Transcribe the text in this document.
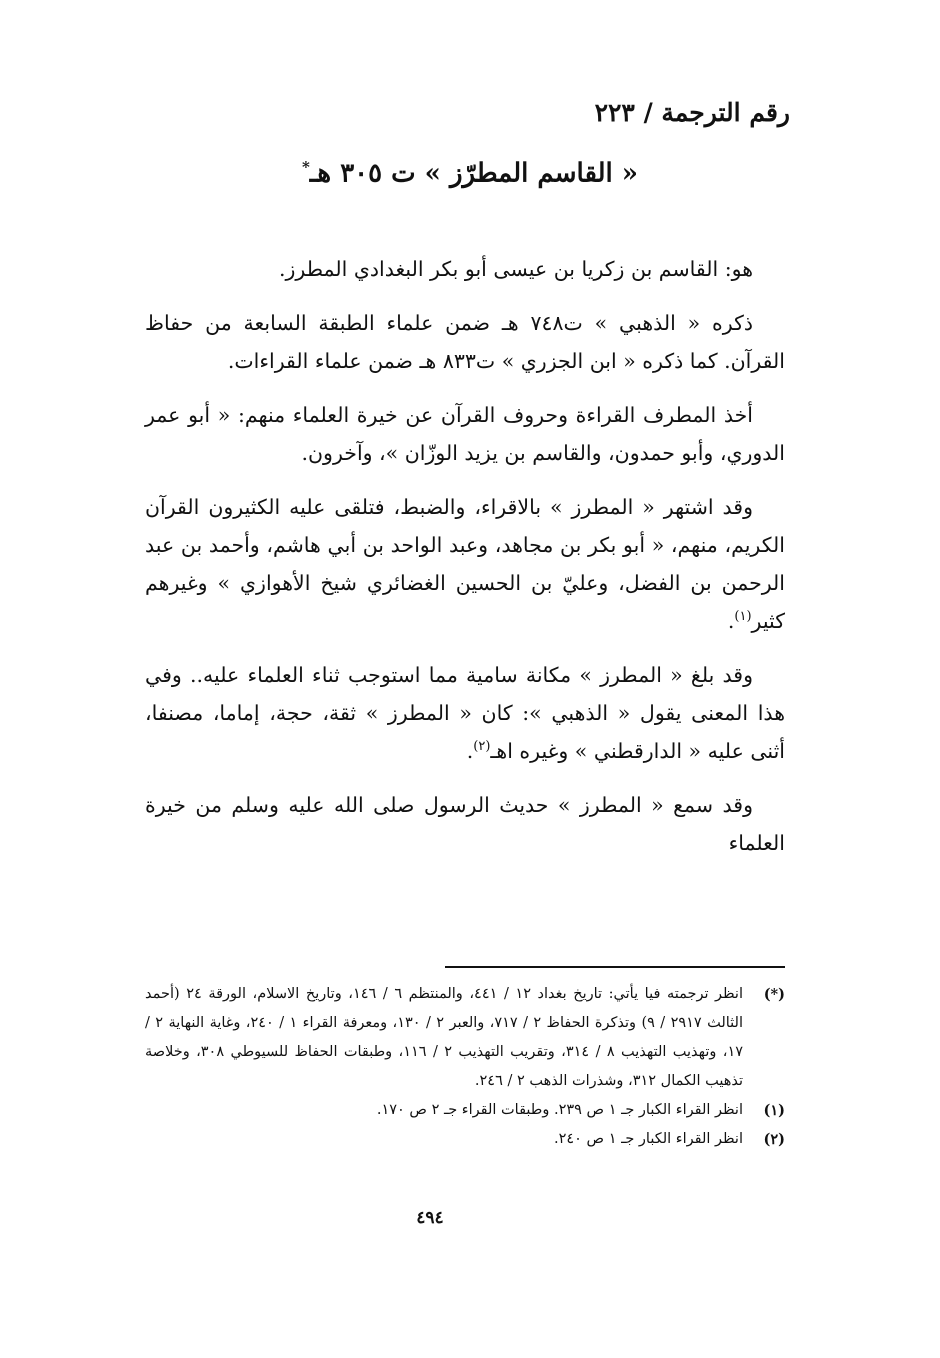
رقم الترجمة / ٢٢٣
« القاسم المطرّز » ت ٣٠٥ هـ*

هو: القاسم بن زكريا بن عيسى أبو بكر البغدادي المطرز.

ذكره « الذهبي » ت٧٤٨ هـ ضمن علماء الطبقة السابعة من حفاظ القرآن. كما ذكره « ابن الجزري » ت٨٣٣ هـ ضمن علماء القراءات.

أخذ المطرف القراءة وحروف القرآن عن خيرة العلماء منهم: « أبو عمر الدوري، وأبو حمدون، والقاسم بن يزيد الوزّان »، وآخرون.

وقد اشتهر « المطرز » بالاقراء، والضبط، فتلقى عليه الكثيرون القرآن الكريم، منهم، « أبو بكر بن مجاهد، وعبد الواحد بن أبي هاشم، وأحمد بن عبد الرحمن بن الفضل، وعليّ بن الحسين الغضائري شيخ الأهوازي » وغيرهم كثير$^{(١)}$.

وقد بلغ « المطرز » مكانة سامية مما استوجب ثناء العلماء عليه.. وفي هذا المعنى يقول « الذهبي »: كان « المطرز » ثقة، حجة، إماما، مصنفا، أثنى عليه « الدارقطني » وغيره اهـ$^{(٢)}$.

وقد سمع « المطرز » حديث الرسول صلى الله عليه وسلم من خيرة العلماء

(*)
انظر ترجمته فيا يأتي: تاريخ بغداد ١٢ / ٤٤١، والمنتظم ٦ / ١٤٦، وتاريخ الاسلام، الورقة ٢٤ (أحمد الثالث ٢٩١٧ / ٩) وتذكرة الحفاظ ٢ / ٧١٧، والعبر ٢ / ١٣٠، ومعرفة القراء ١ / ٢٤٠، وغاية النهاية ٢ / ١٧، وتهذيب التهذيب ٨ / ٣١٤، وتقريب التهذيب ٢ / ١١٦، وطبقات الحفاظ للسيوطي ٣٠٨، وخلاصة تذهيب الكمال ٣١٢، وشذرات الذهب ٢ / ٢٤٦.
(١)
انظر القراء الكبار جـ ١ ص ٢٣٩. وطبقات القراء جـ ٢ ص ١٧٠.
(٢)
انظر القراء الكبار جـ ١ ص ٢٤٠.
٤٩٤
